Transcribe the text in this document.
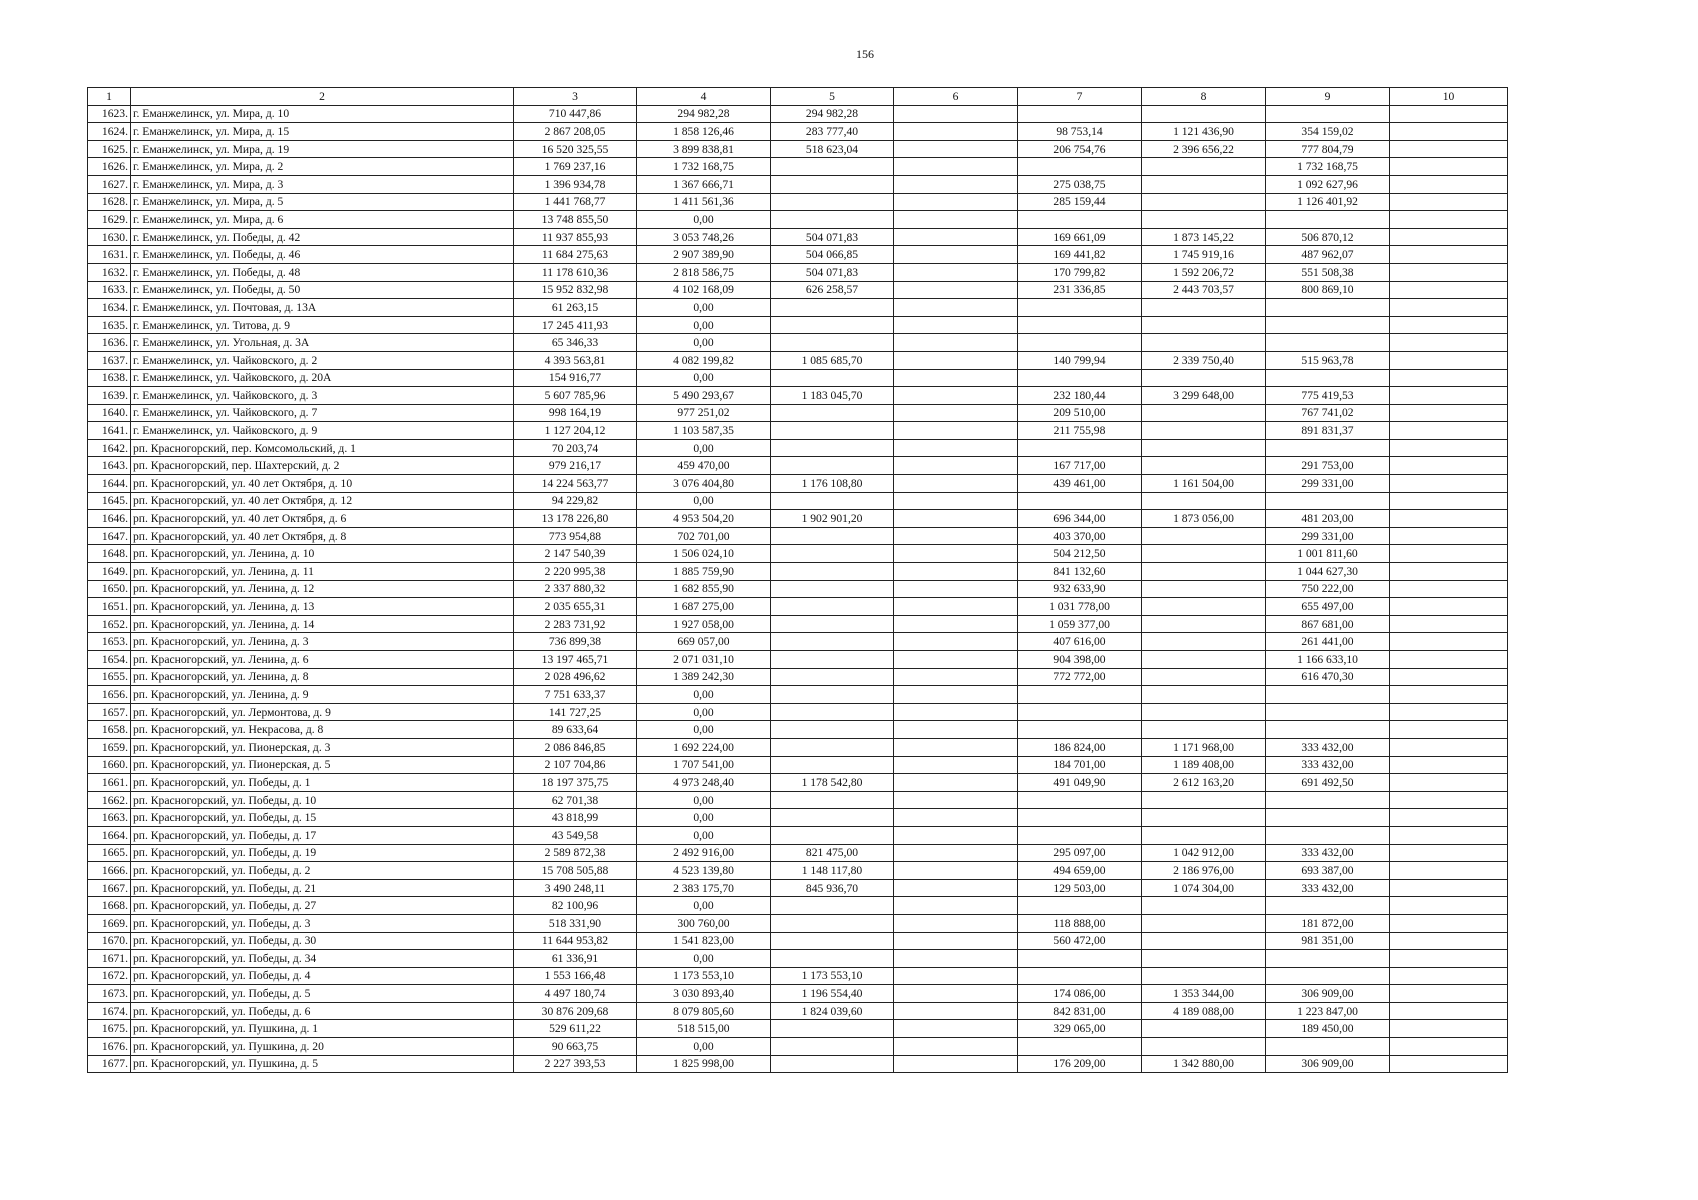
156
1	2	3	4	5	6	7	8	9	10
1623.	г. Еманжелинск, ул. Мира, д. 10	710 447,86	294 982,28	294 982,28					
1624.	г. Еманжелинск, ул. Мира, д. 15	2 867 208,05	1 858 126,46	283 777,40		98 753,14	1 121 436,90	354 159,02	
1625.	г. Еманжелинск, ул. Мира, д. 19	16 520 325,55	3 899 838,81	518 623,04		206 754,76	2 396 656,22	777 804,79	
1626.	г. Еманжелинск, ул. Мира, д. 2	1 769 237,16	1 732 168,75					1 732 168,75	
1627.	г. Еманжелинск, ул. Мира, д. 3	1 396 934,78	1 367 666,71			275 038,75		1 092 627,96	
1628.	г. Еманжелинск, ул. Мира, д. 5	1 441 768,77	1 411 561,36			285 159,44		1 126 401,92	
1629.	г. Еманжелинск, ул. Мира, д. 6	13 748 855,50	0,00						
1630.	г. Еманжелинск, ул. Победы, д. 42	11 937 855,93	3 053 748,26	504 071,83		169 661,09	1 873 145,22	506 870,12	
1631.	г. Еманжелинск, ул. Победы, д. 46	11 684 275,63	2 907 389,90	504 066,85		169 441,82	1 745 919,16	487 962,07	
1632.	г. Еманжелинск, ул. Победы, д. 48	11 178 610,36	2 818 586,75	504 071,83		170 799,82	1 592 206,72	551 508,38	
1633.	г. Еманжелинск, ул. Победы, д. 50	15 952 832,98	4 102 168,09	626 258,57		231 336,85	2 443 703,57	800 869,10	
1634.	г. Еманжелинск, ул. Почтовая, д. 13А	61 263,15	0,00						
1635.	г. Еманжелинск, ул. Титова, д. 9	17 245 411,93	0,00						
1636.	г. Еманжелинск, ул. Угольная, д. 3А	65 346,33	0,00						
1637.	г. Еманжелинск, ул. Чайковского, д. 2	4 393 563,81	4 082 199,82	1 085 685,70		140 799,94	2 339 750,40	515 963,78	
1638.	г. Еманжелинск, ул. Чайковского, д. 20А	154 916,77	0,00						
1639.	г. Еманжелинск, ул. Чайковского, д. 3	5 607 785,96	5 490 293,67	1 183 045,70		232 180,44	3 299 648,00	775 419,53	
1640.	г. Еманжелинск, ул. Чайковского, д. 7	998 164,19	977 251,02			209 510,00		767 741,02	
1641.	г. Еманжелинск, ул. Чайковского, д. 9	1 127 204,12	1 103 587,35			211 755,98		891 831,37	
1642.	рп. Красногорский, пер. Комсомольский, д. 1	70 203,74	0,00						
1643.	рп. Красногорский, пер. Шахтерский, д. 2	979 216,17	459 470,00			167 717,00		291 753,00	
1644.	рп. Красногорский, ул. 40 лет Октября, д. 10	14 224 563,77	3 076 404,80	1 176 108,80		439 461,00	1 161 504,00	299 331,00	
1645.	рп. Красногорский, ул. 40 лет Октября, д. 12	94 229,82	0,00						
1646.	рп. Красногорский, ул. 40 лет Октября, д. 6	13 178 226,80	4 953 504,20	1 902 901,20		696 344,00	1 873 056,00	481 203,00	
1647.	рп. Красногорский, ул. 40 лет Октября, д. 8	773 954,88	702 701,00			403 370,00		299 331,00	
1648.	рп. Красногорский, ул. Ленина, д. 10	2 147 540,39	1 506 024,10			504 212,50		1 001 811,60	
1649.	рп. Красногорский, ул. Ленина, д. 11	2 220 995,38	1 885 759,90			841 132,60		1 044 627,30	
1650.	рп. Красногорский, ул. Ленина, д. 12	2 337 880,32	1 682 855,90			932 633,90		750 222,00	
1651.	рп. Красногорский, ул. Ленина, д. 13	2 035 655,31	1 687 275,00			1 031 778,00		655 497,00	
1652.	рп. Красногорский, ул. Ленина, д. 14	2 283 731,92	1 927 058,00			1 059 377,00		867 681,00	
1653.	рп. Красногорский, ул. Ленина, д. 3	736 899,38	669 057,00			407 616,00		261 441,00	
1654.	рп. Красногорский, ул. Ленина, д. 6	13 197 465,71	2 071 031,10			904 398,00		1 166 633,10	
1655.	рп. Красногорский, ул. Ленина, д. 8	2 028 496,62	1 389 242,30			772 772,00		616 470,30	
1656.	рп. Красногорский, ул. Ленина, д. 9	7 751 633,37	0,00						
1657.	рп. Красногорский, ул. Лермонтова, д. 9	141 727,25	0,00						
1658.	рп. Красногорский, ул. Некрасова, д. 8	89 633,64	0,00						
1659.	рп. Красногорский, ул. Пионерская, д. 3	2 086 846,85	1 692 224,00			186 824,00	1 171 968,00	333 432,00	
1660.	рп. Красногорский, ул. Пионерская, д. 5	2 107 704,86	1 707 541,00			184 701,00	1 189 408,00	333 432,00	
1661.	рп. Красногорский, ул. Победы, д. 1	18 197 375,75	4 973 248,40	1 178 542,80		491 049,90	2 612 163,20	691 492,50	
1662.	рп. Красногорский, ул. Победы, д. 10	62 701,38	0,00						
1663.	рп. Красногорский, ул. Победы, д. 15	43 818,99	0,00						
1664.	рп. Красногорский, ул. Победы, д. 17	43 549,58	0,00						
1665.	рп. Красногорский, ул. Победы, д. 19	2 589 872,38	2 492 916,00	821 475,00		295 097,00	1 042 912,00	333 432,00	
1666.	рп. Красногорский, ул. Победы, д. 2	15 708 505,88	4 523 139,80	1 148 117,80		494 659,00	2 186 976,00	693 387,00	
1667.	рп. Красногорский, ул. Победы, д. 21	3 490 248,11	2 383 175,70	845 936,70		129 503,00	1 074 304,00	333 432,00	
1668.	рп. Красногорский, ул. Победы, д. 27	82 100,96	0,00						
1669.	рп. Красногорский, ул. Победы, д. 3	518 331,90	300 760,00			118 888,00		181 872,00	
1670.	рп. Красногорский, ул. Победы, д. 30	11 644 953,82	1 541 823,00			560 472,00		981 351,00	
1671.	рп. Красногорский, ул. Победы, д. 34	61 336,91	0,00						
1672.	рп. Красногорский, ул. Победы, д. 4	1 553 166,48	1 173 553,10	1 173 553,10					
1673.	рп. Красногорский, ул. Победы, д. 5	4 497 180,74	3 030 893,40	1 196 554,40		174 086,00	1 353 344,00	306 909,00	
1674.	рп. Красногорский, ул. Победы, д. 6	30 876 209,68	8 079 805,60	1 824 039,60		842 831,00	4 189 088,00	1 223 847,00	
1675.	рп. Красногорский, ул. Пушкина, д. 1	529 611,22	518 515,00			329 065,00		189 450,00	
1676.	рп. Красногорский, ул. Пушкина, д. 20	90 663,75	0,00						
1677.	рп. Красногорский, ул. Пушкина, д. 5	2 227 393,53	1 825 998,00			176 209,00	1 342 880,00	306 909,00	
